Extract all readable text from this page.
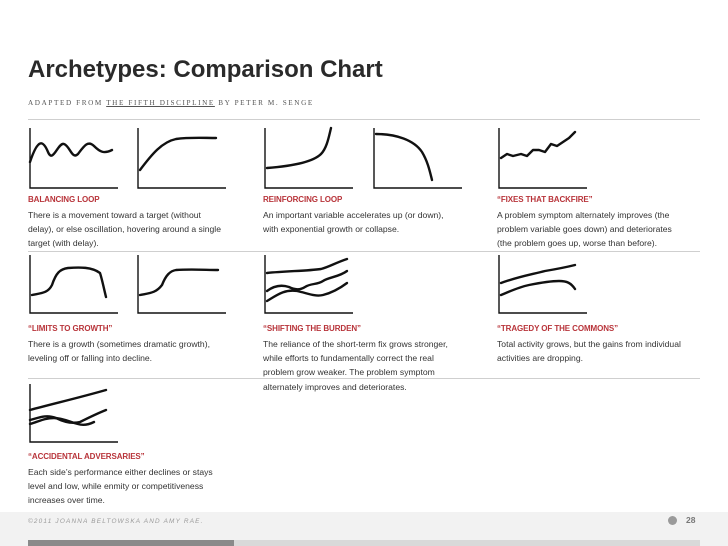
Archetypes: Comparison Chart
ADAPTED FROM THE FIFTH DISCIPLINE BY PETER M. SENGE
BALANCING LOOP
There is a movement toward a target (without
delay), or else oscillation, hovering around a single
target (with delay).
REINFORCING LOOP
An important variable accelerates up (or down),
with exponential growth or collapse.
“FIXES THAT BACKFIRE”
A problem symptom alternately improves (the
problem variable goes down) and deteriorates
(the problem goes up, worse than before).
“LIMITS TO GROWTH”
There is a growth (sometimes dramatic growth),
leveling off or falling into decline.
“SHIFTING THE BURDEN”
The reliance of the short-term fix grows stronger,
while efforts to fundamentally correct the real
problem grow weaker. The problem symptom
alternately improves and deteriorates.
“TRAGEDY OF THE COMMONS”
Total activity grows, but the gains from individual
activities are dropping.
“ACCIDENTAL ADVERSARIES”
Each side’s performance either declines or stays
level and low, while enmity or competitiveness
increases over time.
©2011 JOANNA BELTOWSKA AND AMY RAE.	28
